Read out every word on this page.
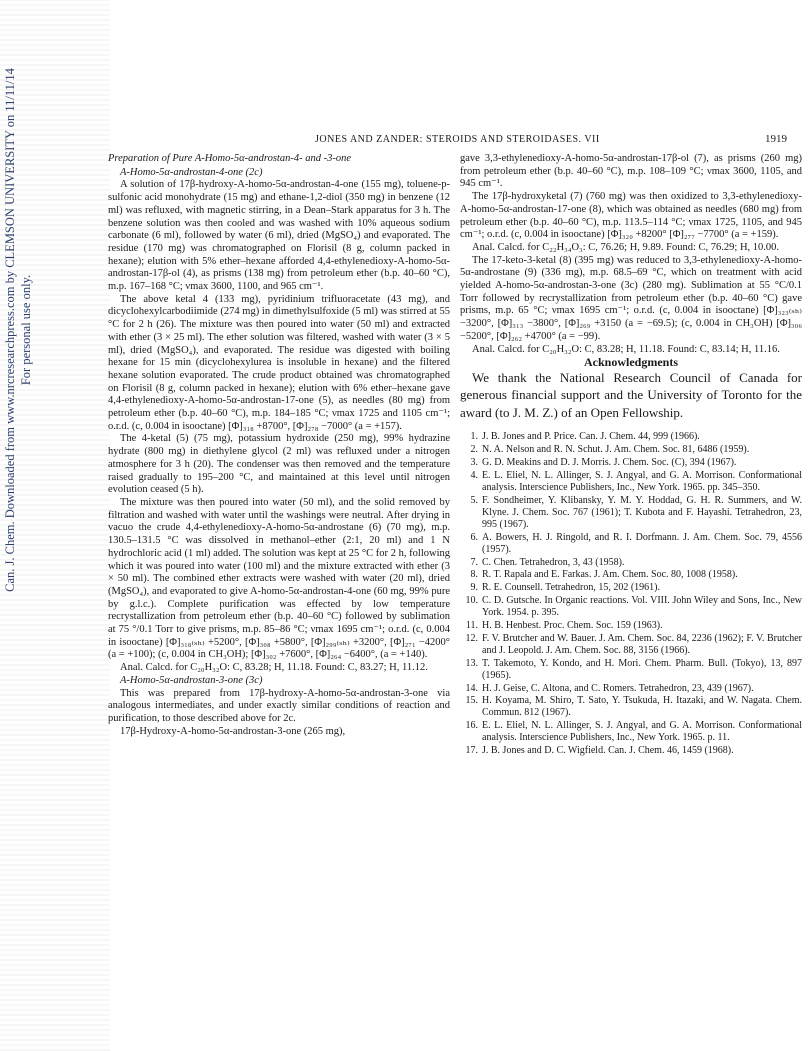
Can. J. Chem. Downloaded from www.nrcresearchpress.com by CLEMSON UNIVERSITY on 11/11/14 For personal use only.
JONES AND ZANDER: STEROIDS AND STEROIDASES. VII	1919
Preparation of Pure A-Homo-5α-androstan-4- and -3-one
A-Homo-5α-androstan-4-one (2c)

A solution of 17β-hydroxy-A-homo-5α-androstan-4-one (155 mg), toluene-p-sulfonic acid monohydrate (15 mg) and ethane-1,2-diol (350 mg) in benzene (12 ml) was refluxed, with magnetic stirring, in a Dean–Stark apparatus for 3 h. The benzene solution was then cooled and was washed with 10% aqueous sodium carbonate (6 ml), followed by water (6 ml), dried (MgSO₄) and evaporated. The residue (170 mg) was chromatographed on Florisil (8 g, column packed in hexane); elution with 5% ether–hexane afforded 4,4-ethylenedioxy-A-homo-5α-androstan-17β-ol (4), as prisms (138 mg) from petroleum ether (b.p. 40–60 °C), m.p. 167–168 °C; νmax 3600, 1100, and 965 cm⁻¹.

The above ketal 4 (133 mg), pyridinium trifluoracetate (43 mg), and dicyclohexylcarbodiimide (274 mg) in dimethylsulfoxide (5 ml) was stirred at 55 °C for 2 h (26). The mixture was then poured into water (50 ml) and extracted with ether (3 × 25 ml). The ether solution was filtered, washed with water (3 × 5 ml), dried (MgSO₄), and evaporated. The residue was digested with boiling hexane for 15 min (dicyclohexylurea is insoluble in hexane) and the filtered hexane solution evaporated. The crude product obtained was chromatographed on Florisil (8 g, column packed in hexane); elution with 6% ether–hexane gave 4,4-ethylenedioxy-A-homo-5α-androstan-17-one (5), as needles (80 mg) from petroleum ether (b.p. 40–60 °C), m.p. 184–185 °C; νmax 1725 and 1105 cm⁻¹; o.r.d. (c, 0.004 in isooctane) [Φ]₃₁₈ +8700°, [Φ]₂₇₈ −7000° (a = +157).

The 4-ketal (5) (75 mg), potassium hydroxide (250 mg), 99% hydrazine hydrate (800 mg) in diethylene glycol (2 ml) was refluxed under a nitrogen atmosphere for 3 h (20). The condenser was then removed and the temperature raised gradually to 195–200 °C, and maintained at this level until nitrogen evolution ceased (5 h).

The mixture was then poured into water (50 ml), and the solid removed by filtration and washed with water until the washings were neutral. After drying in vacuo the crude 4,4-ethylenedioxy-A-homo-5α-androstane (6) (70 mg), m.p. 130.5–131.5 °C was dissolved in methanol–ether (2:1, 20 ml) and 1 N hydrochloric acid (1 ml) added. The solution was kept at 25 °C for 2 h, following which it was poured into water (100 ml) and the mixture extracted with ether (3 × 50 ml). The combined ether extracts were washed with water (20 ml), dried (MgSO₄), and evaporated to give A-homo-5α-androstan-4-one (60 mg, 99% pure by g.l.c.). Complete purification was effected by low temperature recrystallization from petroleum ether (b.p. 40–60 °C) followed by sublimation at 75 °/0.1 Torr to give prisms, m.p. 85–86 °C; νmax 1695 cm⁻¹; o.r.d. (c, 0.004 in isooctane) [Φ]₃₁₈₍ₛₕ₎ +5200°, [Φ]₃₀₈ +5800°, [Φ]₂₉₉₍ₛₕ₎ +3200°, [Φ]₂₇₁ −4200° (a = +100); (c, 0.004 in CH₃OH); [Φ]₃₀₂ +7600°, [Φ]₂₆₄ −6400°, (a = +140).

Anal. Calcd. for C₂₀H₃₂O: C, 83.28; H, 11.18. Found: C, 83.27; H, 11.12.

A-Homo-5α-androstan-3-one (3c)

This was prepared from 17β-hydroxy-A-homo-5α-androstan-3-one via analogous intermediates, and under exactly similar conditions of reaction and purification, to those described above for 2c.

17β-Hydroxy-A-homo-5α-androstan-3-one (265 mg),

gave 3,3-ethylenedioxy-A-homo-5α-androstan-17β-ol (7), as prisms (260 mg) from petroleum ether (b.p. 40–60 °C), m.p. 108–109 °C; νmax 3600, 1105, and 945 cm⁻¹.

The 17β-hydroxyketal (7) (760 mg) was then oxidized to 3,3-ethylenedioxy-A-homo-5α-androstan-17-one (8), which was obtained as needles (680 mg) from petroleum ether (b.p. 40–60 °C), m.p. 113.5–114 °C; νmax 1725, 1105, and 945 cm⁻¹; o.r.d. (c, 0.004 in isooctane) [Φ]₃₂₀ +8200° [Φ]₂₇₇ −7700° (a = +159).

Anal. Calcd. for C₂₂H₃₄O₃: C, 76.26; H, 9.89. Found: C, 76.29; H, 10.00.

The 17-keto-3-ketal (8) (395 mg) was reduced to 3,3-ethylenedioxy-A-homo-5α-androstane (9) (336 mg), m.p. 68.5–69 °C, which on treatment with acid yielded A-homo-5α-androstan-3-one (3c) (280 mg). Sublimation at 55 °C/0.1 Torr followed by recrystallization from petroleum ether (b.p. 40–60 °C) gave prisms, m.p. 65 °C; νmax 1695 cm⁻¹; o.r.d. (c, 0.004 in isooctane) [Φ]₃₂₃₍ₛₕ₎ −3200°, [Φ]₃₁₃ −3800°, [Φ]₂₆₉ +3150 (a = −69.5); (c, 0.004 in CH₃OH) [Φ]₃₀₆ −5200°, [Φ]₂₆₂ +4700° (a = −99).

Anal. Calcd. for C₂₀H₃₂O: C, 83.28; H, 11.18. Found: C, 83.14; H, 11.16.

Acknowledgments

We thank the National Research Council of Canada for generous financial support and the University of Toronto for the award (to J. M. Z.) of an Open Fellowship.

1. J. B. Jones and P. Price. Can. J. Chem. 44, 999 (1966).
2. N. A. Nelson and R. N. Schut. J. Am. Chem. Soc. 81, 6486 (1959).
3. G. D. Meakins and D. J. Morris. J. Chem. Soc. (C), 394 (1967).
4. E. L. Eliel, N. L. Allinger, S. J. Angyal, and G. A. Morrison. Conformational analysis. Interscience Publishers, Inc., New York. 1965. pp. 345–350.
5. F. Sondheimer, Y. Klibansky, Y. M. Y. Hoddad, G. H. R. Summers, and W. Klyne. J. Chem. Soc. 767 (1961); T. Kubota and F. Hayashi. Tetrahedron, 23, 995 (1967).
6. A. Bowers, H. J. Ringold, and R. I. Dorfmann. J. Am. Chem. Soc. 79, 4556 (1957).
7. C. Chen. Tetrahedron, 3, 43 (1958).
8. R. T. Rapala and E. Farkas. J. Am. Chem. Soc. 80, 1008 (1958).
9. R. E. Counsell. Tetrahedron, 15, 202 (1961).
10. C. D. Gutsche. In Organic reactions. Vol. VIII. John Wiley and Sons, Inc., New York. 1954. p. 395.
11. H. B. Henbest. Proc. Chem. Soc. 159 (1963).
12. F. V. Brutcher and W. Bauer. J. Am. Chem. Soc. 84, 2236 (1962); F. V. Brutcher and J. Leopold. J. Am. Chem. Soc. 88, 3156 (1966).
13. T. Takemoto, Y. Kondo, and H. Mori. Chem. Pharm. Bull. (Tokyo), 13, 897 (1965).
14. H. J. Geise, C. Altona, and C. Romers. Tetrahedron, 23, 439 (1967).
15. H. Koyama, M. Shiro, T. Sato, Y. Tsukuda, H. Itazaki, and W. Nagata. Chem. Commun. 812 (1967).
16. E. L. Eliel, N. L. Allinger, S. J. Angyal, and G. A. Morrison. Conformational analysis. Interscience Publishers, Inc., New York. 1965. p. 11.
17. J. B. Jones and D. C. Wigfield. Can. J. Chem. 46, 1459 (1968).
